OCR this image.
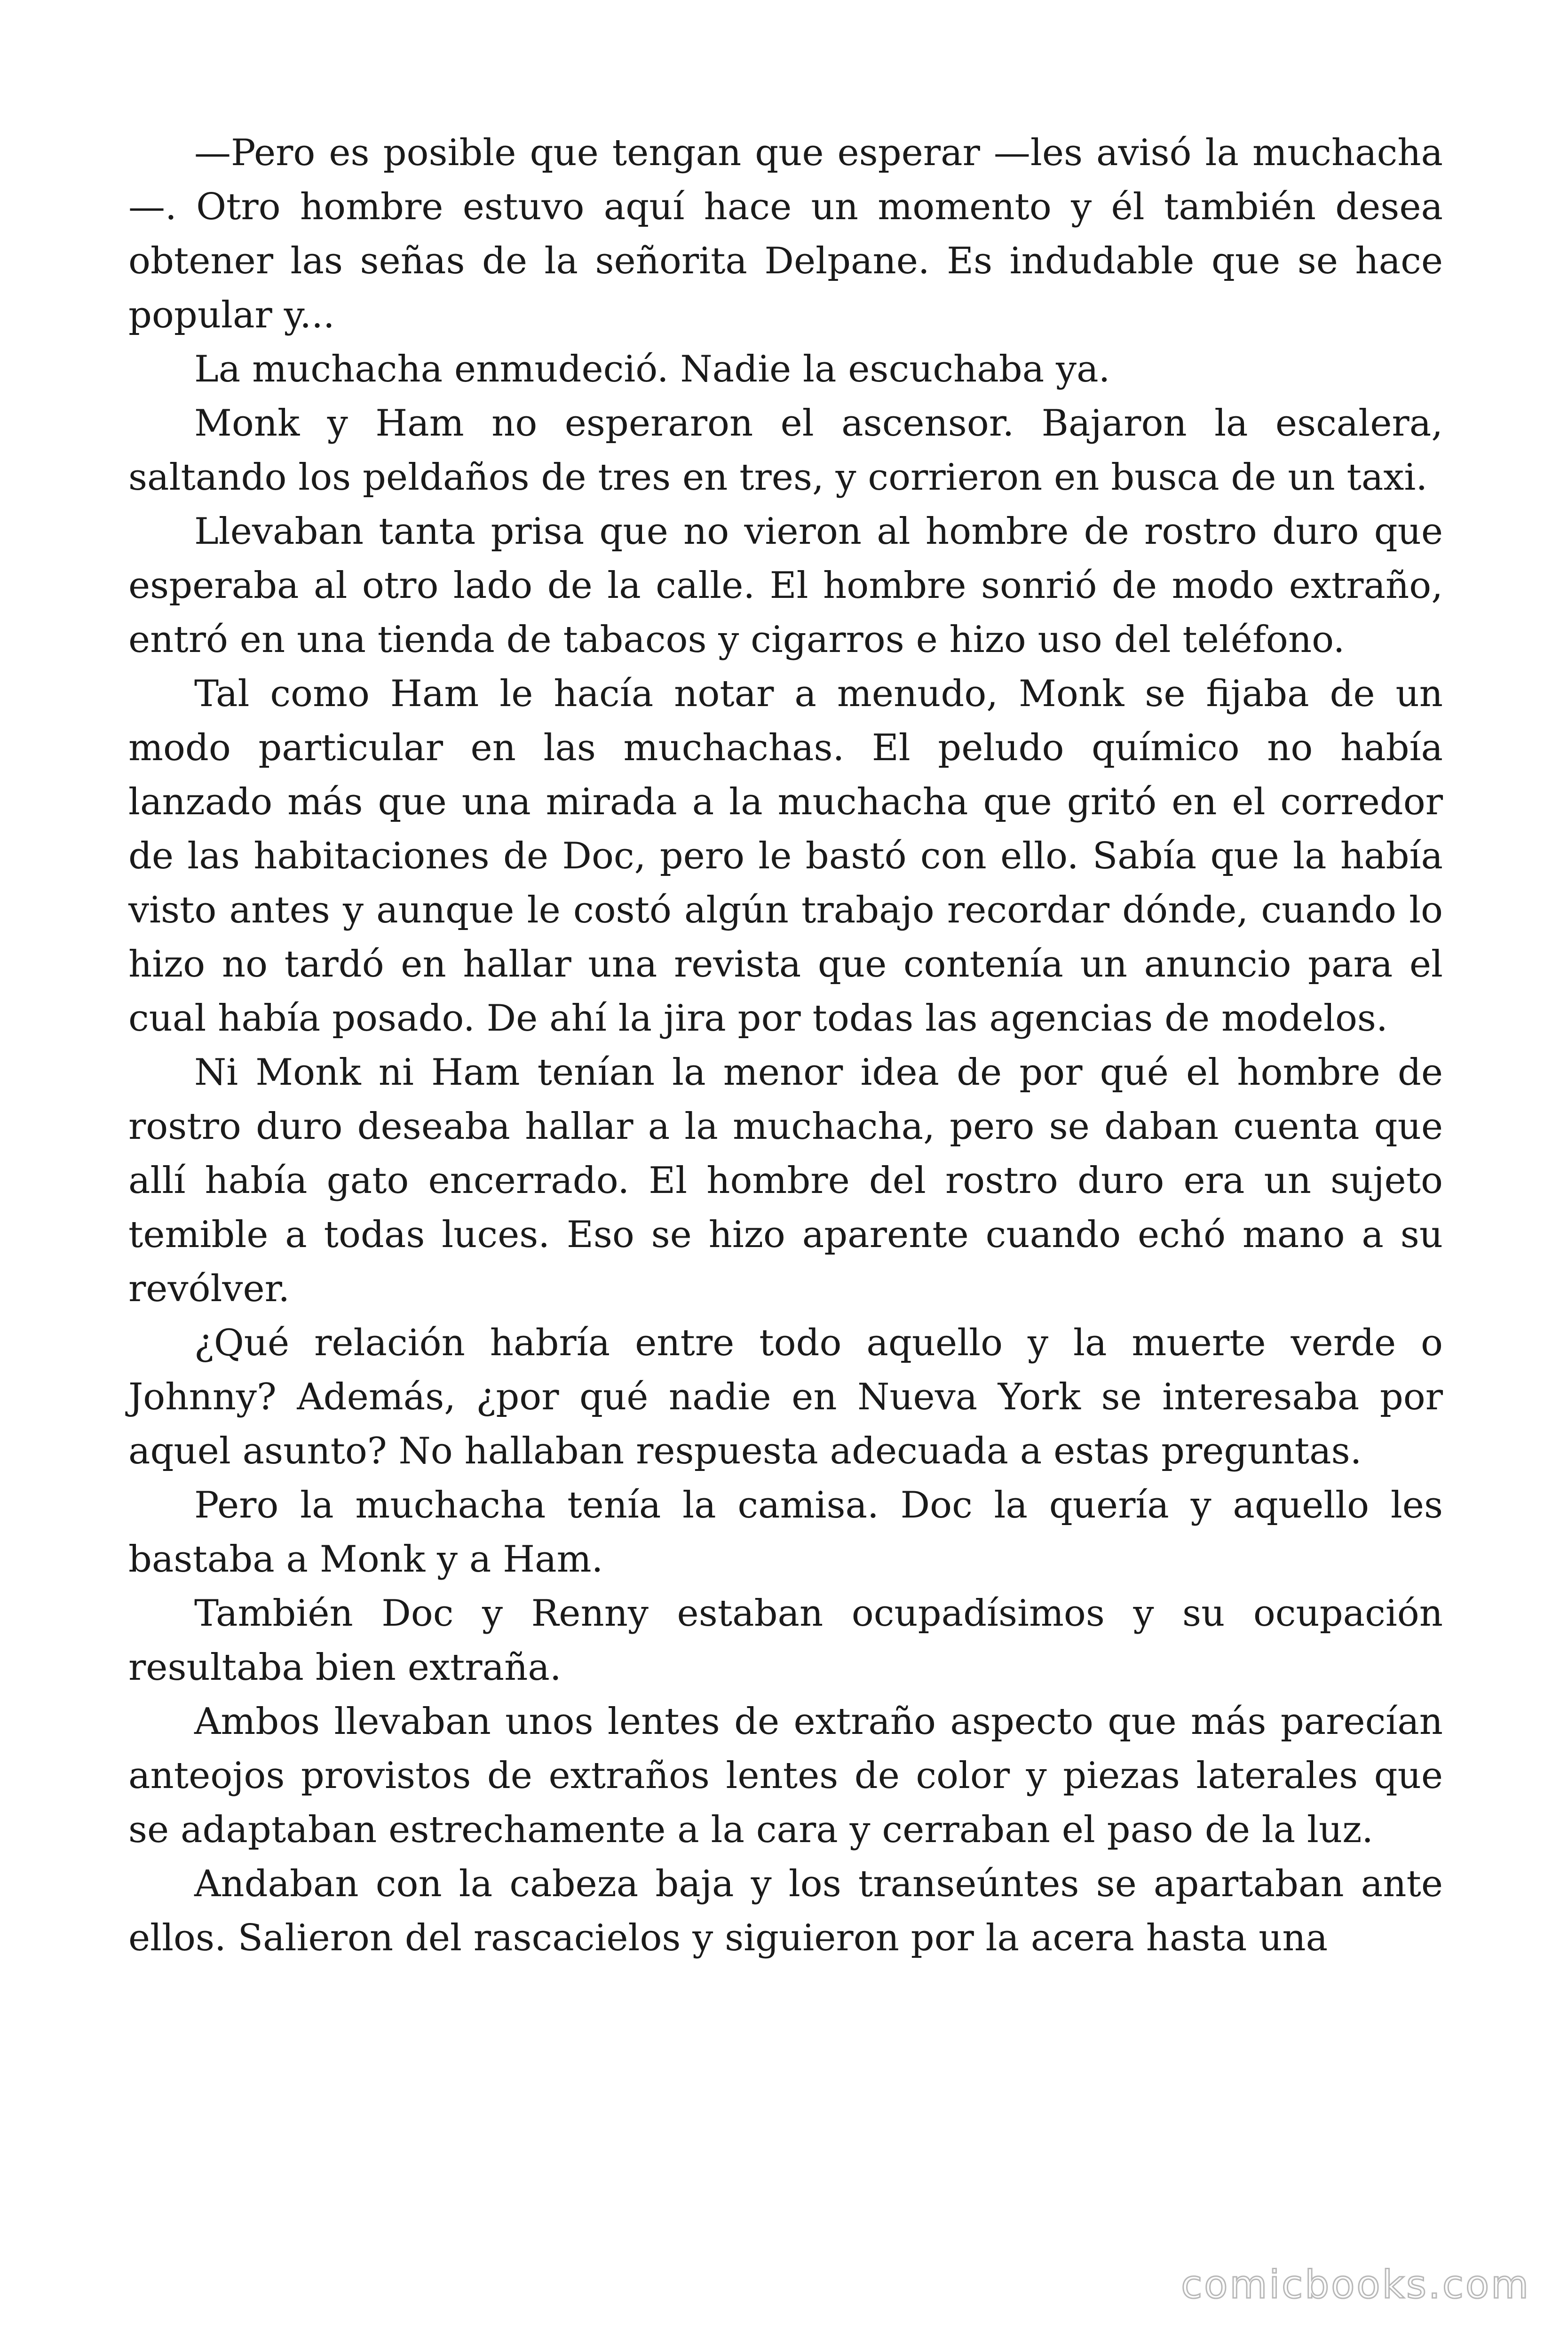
—Pero es posible que tengan que esperar —les avisó la muchacha—. Otro hombre estuvo aquí hace un momento y él también desea obtener las señas de la señorita Delpane. Es indudable que se hace popular y...

La muchacha enmudeció. Nadie la escuchaba ya.

Monk y Ham no esperaron el ascensor. Bajaron la escalera, saltando los peldaños de tres en tres, y corrieron en busca de un taxi.

Llevaban tanta prisa que no vieron al hombre de rostro duro que esperaba al otro lado de la calle. El hombre sonrió de modo extraño, entró en una tienda de tabacos y cigarros e hizo uso del teléfono.

Tal como Ham le hacía notar a menudo, Monk se fijaba de un modo particular en las muchachas. El peludo químico no había lanzado más que una mirada a la muchacha que gritó en el corredor de las habitaciones de Doc, pero le bastó con ello. Sabía que la había visto antes y aunque le costó algún trabajo recordar dónde, cuando lo hizo no tardó en hallar una revista que contenía un anuncio para el cual había posado. De ahí la jira por todas las agencias de modelos.

Ni Monk ni Ham tenían la menor idea de por qué el hombre de rostro duro deseaba hallar a la muchacha, pero se daban cuenta que allí había gato encerrado. El hombre del rostro duro era un sujeto temible a todas luces. Eso se hizo aparente cuando echó mano a su revólver.

¿Qué relación habría entre todo aquello y la muerte verde o Johnny? Además, ¿por qué nadie en Nueva York se interesaba por aquel asunto? No hallaban respuesta adecuada a estas preguntas.

Pero la muchacha tenía la camisa. Doc la quería y aquello les bastaba a Monk y a Ham.

También Doc y Renny estaban ocupadísimos y su ocupación resultaba bien extraña.

Ambos llevaban unos lentes de extraño aspecto que más parecían anteojos provistos de extraños lentes de color y piezas laterales que se adaptaban estrechamente a la cara y cerraban el paso de la luz.

Andaban con la cabeza baja y los transeúntes se apartaban ante ellos. Salieron del rascacielos y siguieron por la acera hasta una

comicbooks.com
